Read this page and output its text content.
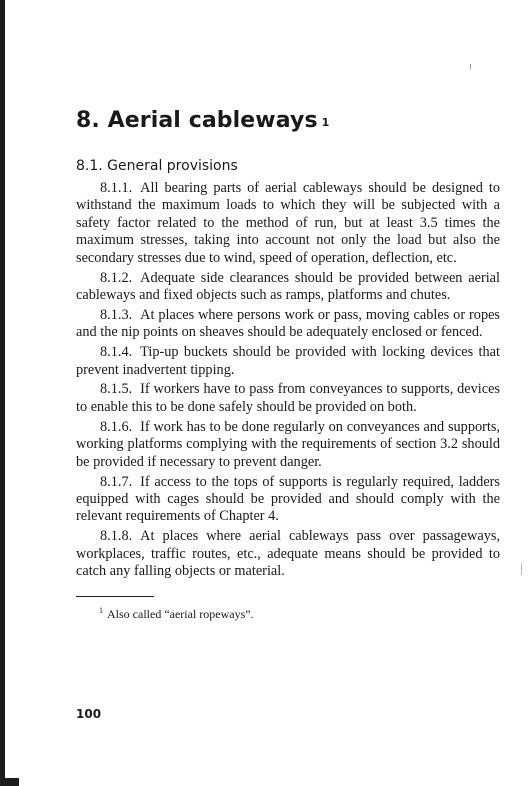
8. Aerial cableways $^1$
8.1. General provisions

8.1.1. All bearing parts of aerial cableways should be designed to withstand the maximum loads to which they will be subjected with a safety factor related to the method of run, but at least 3.5 times the maximum stresses, taking into account not only the load but also the secondary stresses due to wind, speed of operation, deflection, etc.

8.1.2. Adequate side clearances should be provided between aerial cableways and fixed objects such as ramps, platforms and chutes.

8.1.3. At places where persons work or pass, moving cables or ropes and the nip points on sheaves should be adequately enclosed or fenced.

8.1.4. Tip-up buckets should be provided with locking devices that prevent inadvertent tipping.

8.1.5. If workers have to pass from conveyances to supports, devices to enable this to be done safely should be provided on both.

8.1.6. If work has to be done regularly on conveyances and supports, working platforms complying with the requirements of section 3.2 should be provided if necessary to prevent danger.

8.1.7. If access to the tops of supports is regularly required, ladders equipped with cages should be provided and should comply with the relevant requirements of Chapter 4.

8.1.8. At places where aerial cableways pass over passageways, workplaces, traffic routes, etc., adequate means should be provided to catch any falling objects or material.

$^1$ Also called “aerial ropeways”.
100
